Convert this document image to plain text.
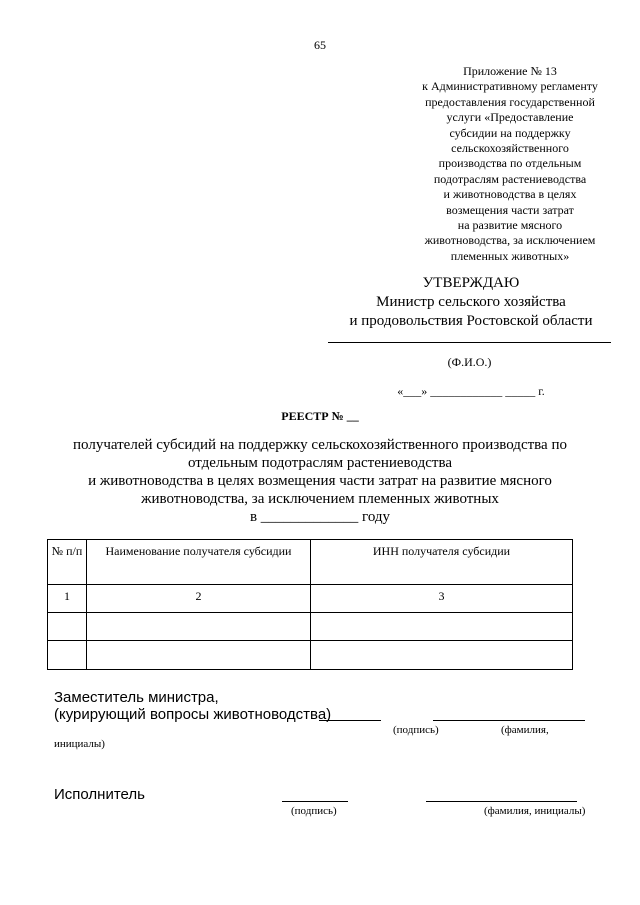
65
Приложение № 13
к Административному регламенту
предоставления государственной
услуги «Предоставление
субсидии на поддержку
сельскохозяйственного
производства по отдельным
подотраслям растениеводства
и животноводства в целях
возмещения части затрат
на развитие мясного
животноводства, за исключением
племенных животных»
УТВЕРЖДАЮ
Министр сельского хозяйства
и продовольствия Ростовской области
(Ф.И.О.)
«___» ____________ _____ г.
РЕЕСТР № __
получателей субсидий на поддержку сельскохозяйственного производства по
отдельным подотраслям растениеводства
и животноводства в целях возмещения части затрат на развитие мясного
животноводства, за исключением племенных животных
в _____________ году
№ п/п	Наименование получателя субсидии	ИНН получателя субсидии

1	2	3

Заместитель министра,
(курирующий вопросы животноводства)
(подпись)	(фамилия,
инициалы)
Исполнитель
(подпись)	(фамилия, инициалы)
